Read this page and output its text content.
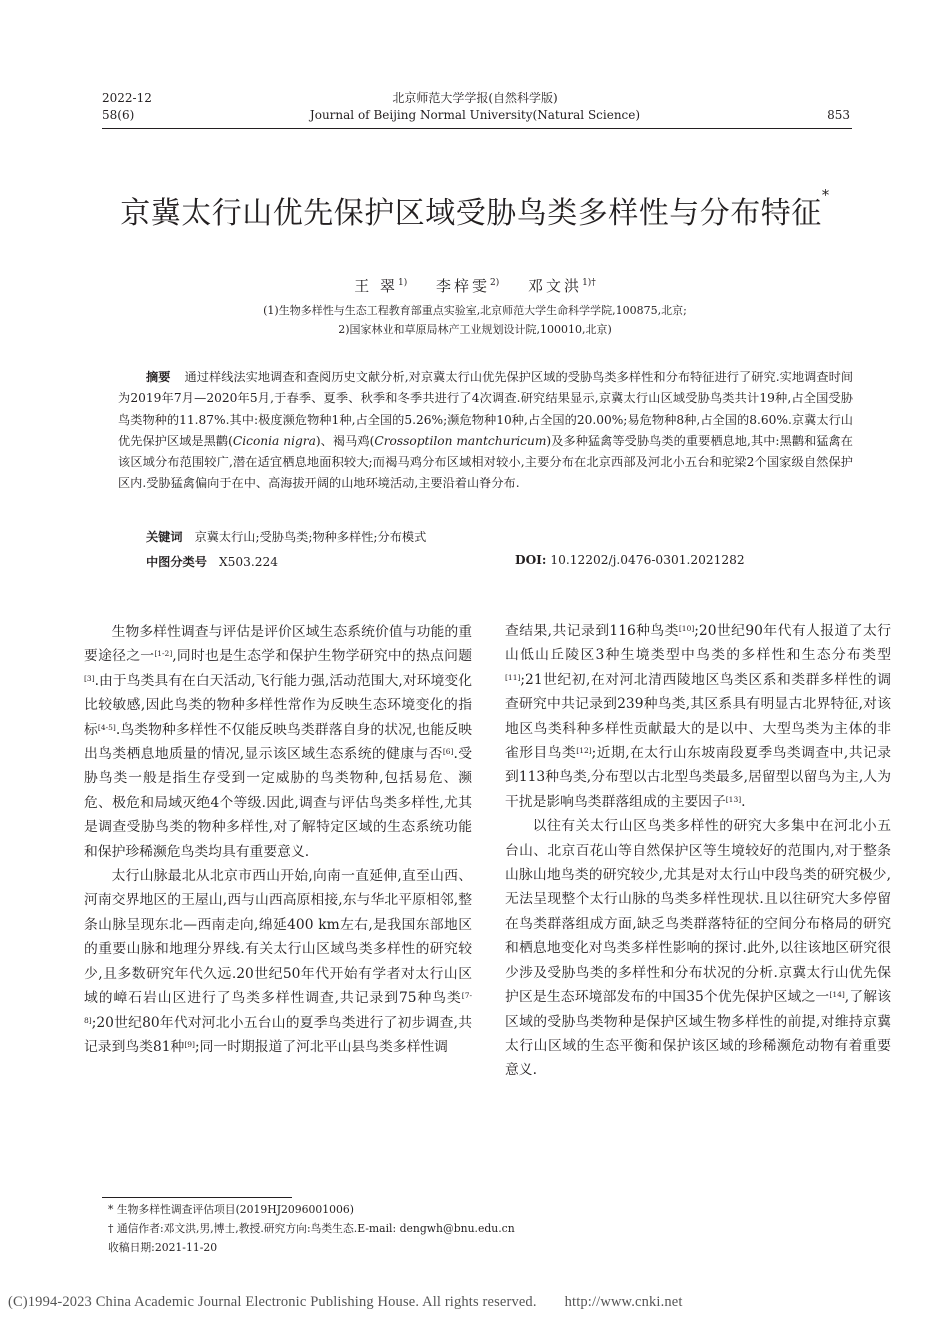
2022-12
58(6)
北京师范大学学报(自然科学版)
Journal of Beijing Normal University(Natural Science)	853
京冀太行山优先保护区域受胁鸟类多样性与分布特征*
王 翠$^{1)}$ 李梓雯$^{2)}$ 邓文洪$^{1)\dagger}$
(1)生物多样性与生态工程教育部重点实验室,北京师范大学生命科学学院,100875,北京;
2)国家林业和草原局林产工业规划设计院,100010,北京)
摘要 通过样线法实地调查和查阅历史文献分析,对京冀太行山优先保护区域的受胁鸟类多样性和分布特征进行了研究.实地调查时间为2019年7月—2020年5月,于春季、夏季、秋季和冬季共进行了4次调查.研究结果显示,京冀太行山区域受胁鸟类共计19种,占全国受胁鸟类物种的11.87%.其中:极度濒危物种1种,占全国的5.26%;濒危物种10种,占全国的20.00%;易危物种8种,占全国的8.60%.京冀太行山优先保护区域是黑鹳(Ciconia nigra)、褐马鸡(Crossoptilon mantchuricum)及多种猛禽等受胁鸟类的重要栖息地,其中:黑鹳和猛禽在该区域分布范围较广,潜在适宜栖息地面积较大;而褐马鸡分布区域相对较小,主要分布在北京西部及河北小五台和驼梁2个国家级自然保护区内.受胁猛禽偏向于在中、高海拔开阔的山地环境活动,主要沿着山脊分布.
关键词 京冀太行山;受胁鸟类;物种多样性;分布模式
中图分类号 X503.224	DOI: 10.12202/j.0476-0301.2021282

生物多样性调查与评估是评价区域生态系统价值与功能的重要途径之一[1-2],同时也是生态学和保护生物学研究中的热点问题[3].由于鸟类具有在白天活动,飞行能力强,活动范围大,对环境变化比较敏感,因此鸟类的物种多样性常作为反映生态环境变化的指标[4-5].鸟类物种多样性不仅能反映鸟类群落自身的状况,也能反映出鸟类栖息地质量的情况,显示该区域生态系统的健康与否[6].受胁鸟类一般是指生存受到一定威胁的鸟类物种,包括易危、濒危、极危和局域灭绝4个等级.因此,调查与评估鸟类多样性,尤其是调查受胁鸟类的物种多样性,对了解特定区域的生态系统功能和保护珍稀濒危鸟类均具有重要意义.

太行山脉最北从北京市西山开始,向南一直延伸,直至山西、河南交界地区的王屋山,西与山西高原相接,东与华北平原相邻,整条山脉呈现东北—西南走向,绵延400 km左右,是我国东部地区的重要山脉和地理分界线.有关太行山区域鸟类多样性的研究较少,且多数研究年代久远.20世纪50年代开始有学者对太行山区域的嶂石岩山区进行了鸟类多样性调查,共记录到75种鸟类[7-8];20世纪80年代对河北小五台山的夏季鸟类进行了初步调查,共记录到鸟类81种[9];同一时期报道了河北平山县鸟类多样性调

查结果,共记录到116种鸟类[10];20世纪90年代有人报道了太行山低山丘陵区3种生境类型中鸟类的多样性和生态分布类型[11];21世纪初,在对河北清西陵地区鸟类区系和类群多样性的调查研究中共记录到239种鸟类,其区系具有明显古北界特征,对该地区鸟类科种多样性贡献最大的是以中、大型鸟类为主体的非雀形目鸟类[12];近期,在太行山东坡南段夏季鸟类调查中,共记录到113种鸟类,分布型以古北型鸟类最多,居留型以留鸟为主,人为干扰是影响鸟类群落组成的主要因子[13].

以往有关太行山区鸟类多样性的研究大多集中在河北小五台山、北京百花山等自然保护区等生境较好的范围内,对于整条山脉山地鸟类的研究较少,尤其是对太行山中段鸟类的研究极少,无法呈现整个太行山脉的鸟类多样性现状.且以往研究大多停留在鸟类群落组成方面,缺乏鸟类群落特征的空间分布格局的研究和栖息地变化对鸟类多样性影响的探讨.此外,以往该地区研究很少涉及受胁鸟类的多样性和分布状况的分析.京冀太行山优先保护区是生态环境部发布的中国35个优先保护区域之一[14],了解该区域的受胁鸟类物种是保护区域生物多样性的前提,对维持京冀太行山区域的生态平衡和保护该区域的珍稀濒危动物有着重要意义.

* 生物多样性调查评估项目(2019HJ2096001006)
† 通信作者:邓文洪,男,博士,教授.研究方向:鸟类生态.E-mail: dengwh@bnu.edu.cn
收稿日期:2021-11-20
(C)1994-2023 China Academic Journal Electronic Publishing House. All rights reserved. http://www.cnki.net
